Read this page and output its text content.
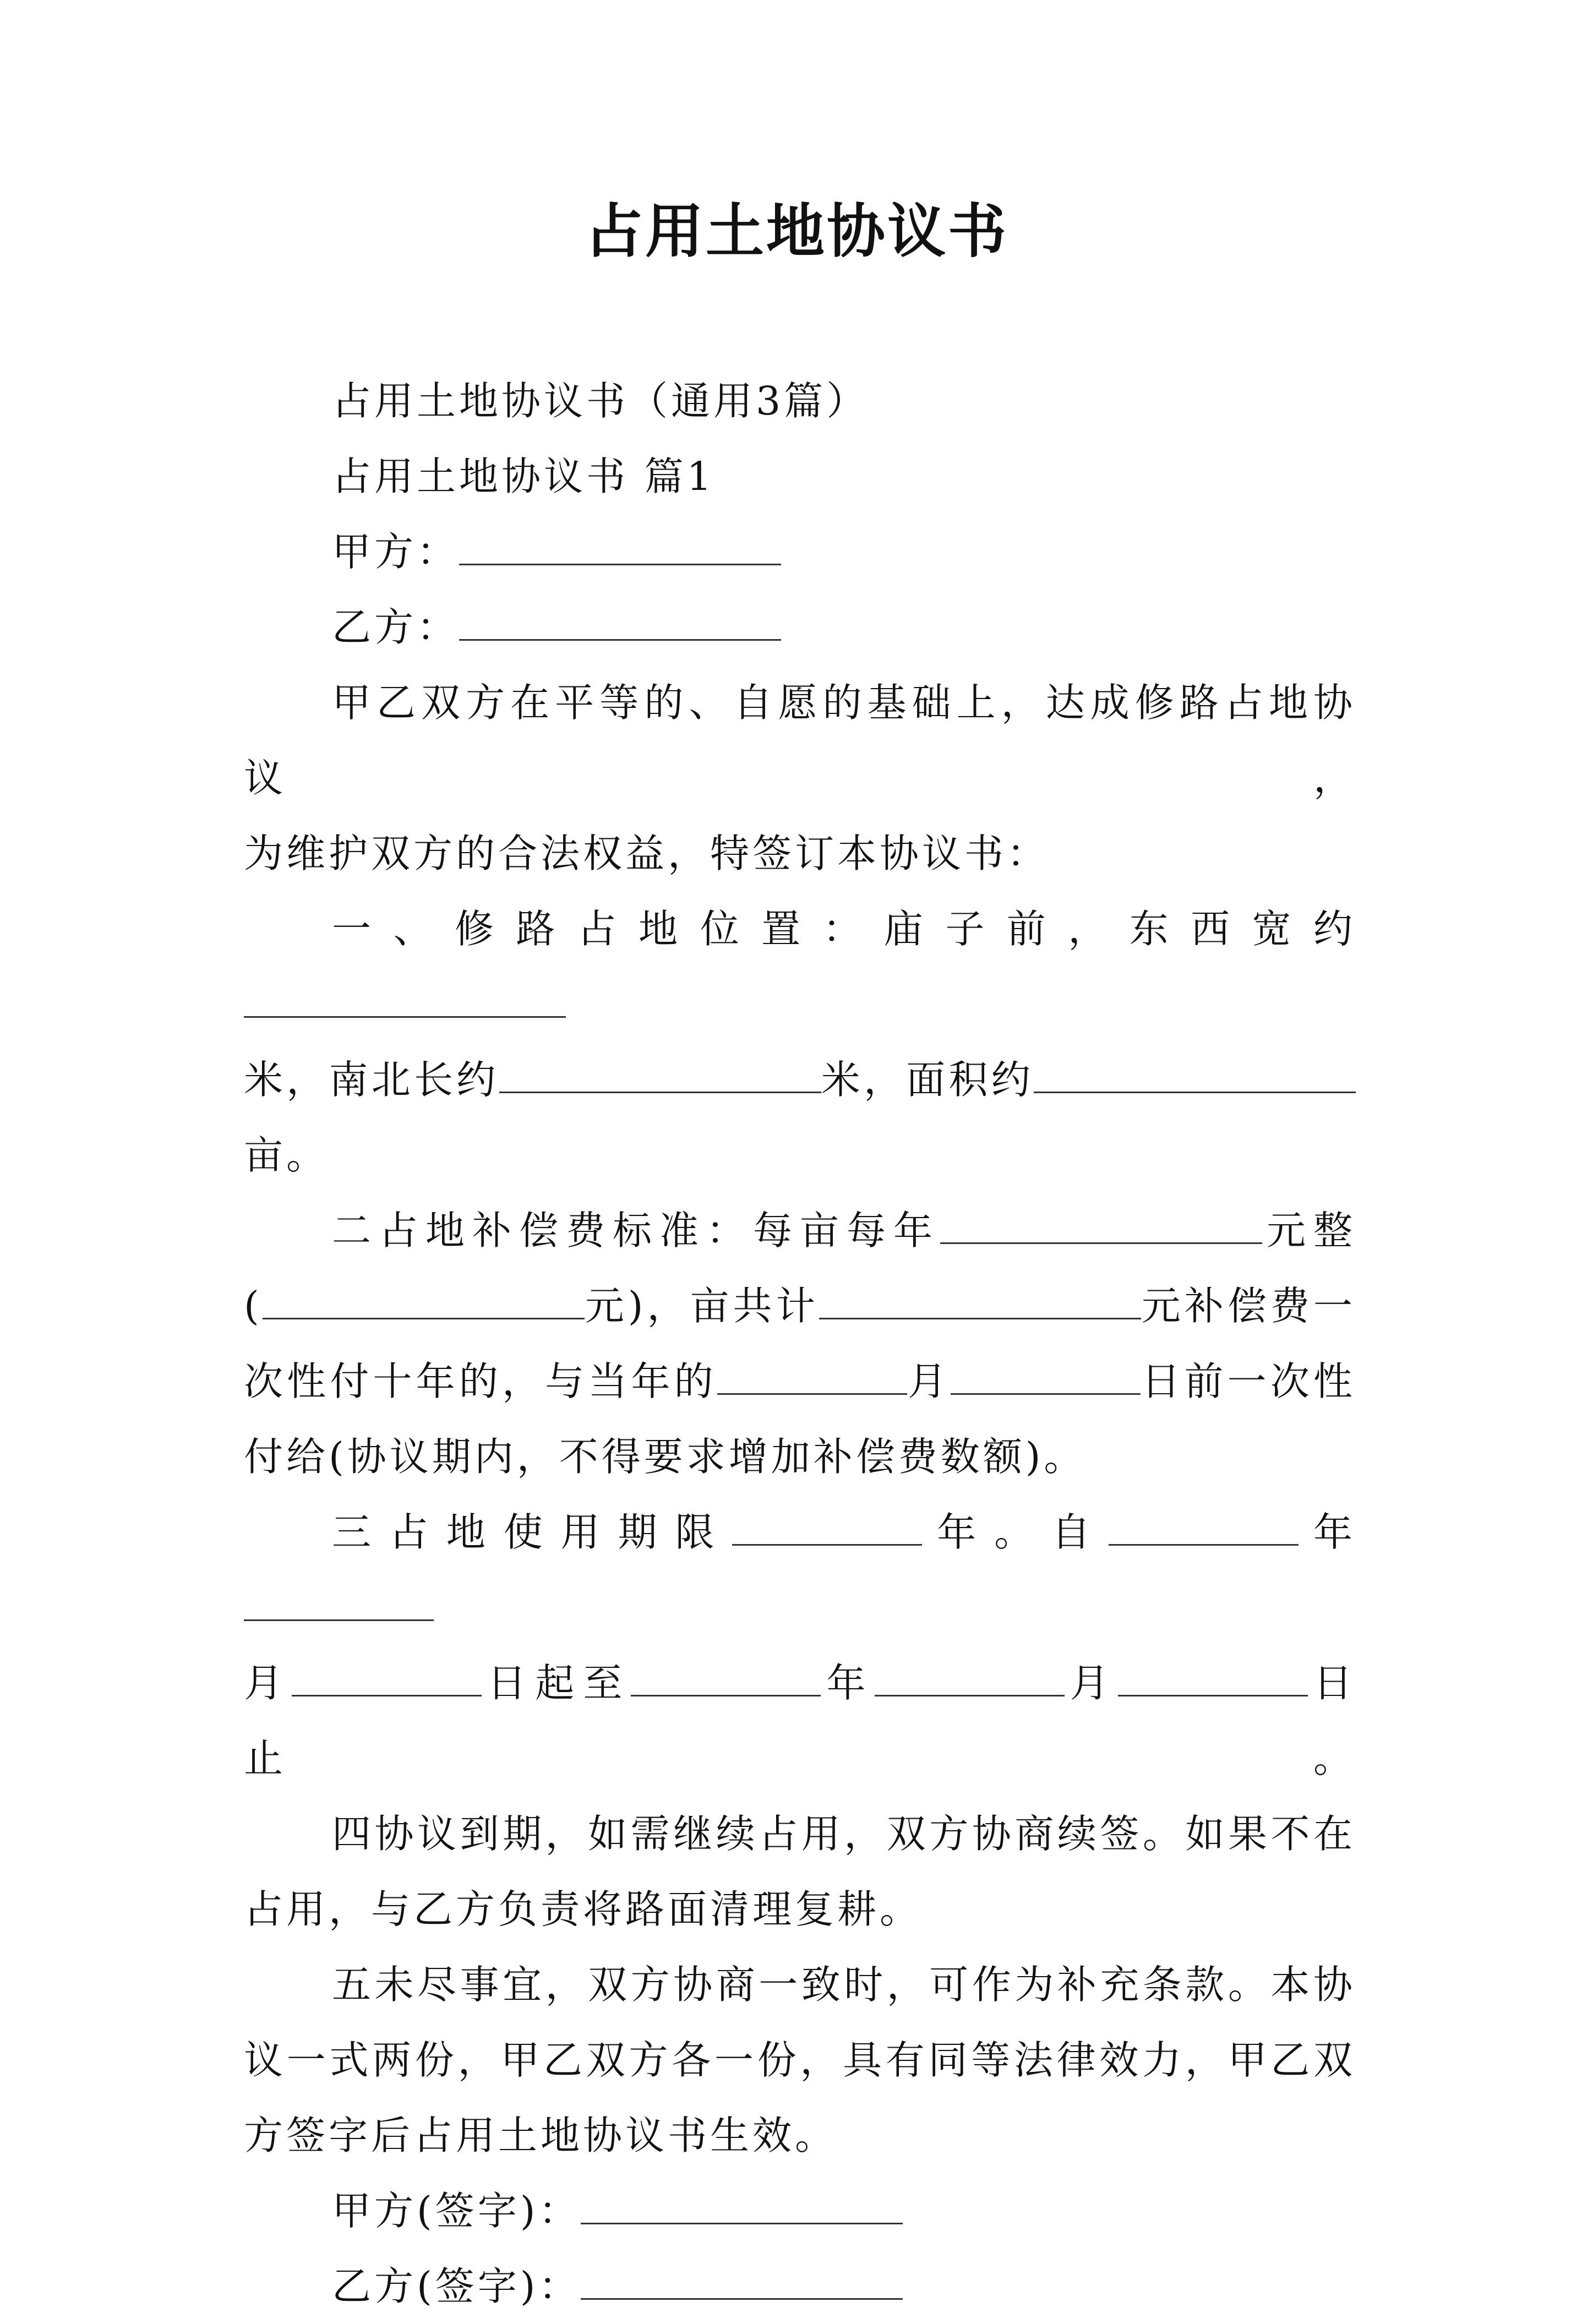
占用土地协议书

占用土地协议书（通用3篇）

占用土地协议书 篇1

甲方：

乙方：

甲乙双方在平等的、自愿的基础上，达成修路占地协议，

为维护双方的合法权益，特签订本协议书：

一、修路占地位置：庙子前，东西宽约

米，南北长约	米，面积约

亩。

二占地补偿费标准：每亩每年	元整

(	元)，亩共计	元补偿费一

次性付十年的，与当年的	月	日前一次性

付给(协议期内，不得要求增加补偿费数额)。

三占地使用期限	年。自	年

月	日起至	年	月	日止。

四协议到期，如需继续占用，双方协商续签。如果不在

占用，与乙方负责将路面清理复耕。

五未尽事宜，双方协商一致时，可作为补充条款。本协

议一式两份，甲乙双方各一份，具有同等法律效力，甲乙双

方签字后占用土地协议书生效。

甲方(签字)：

乙方(签字)：
